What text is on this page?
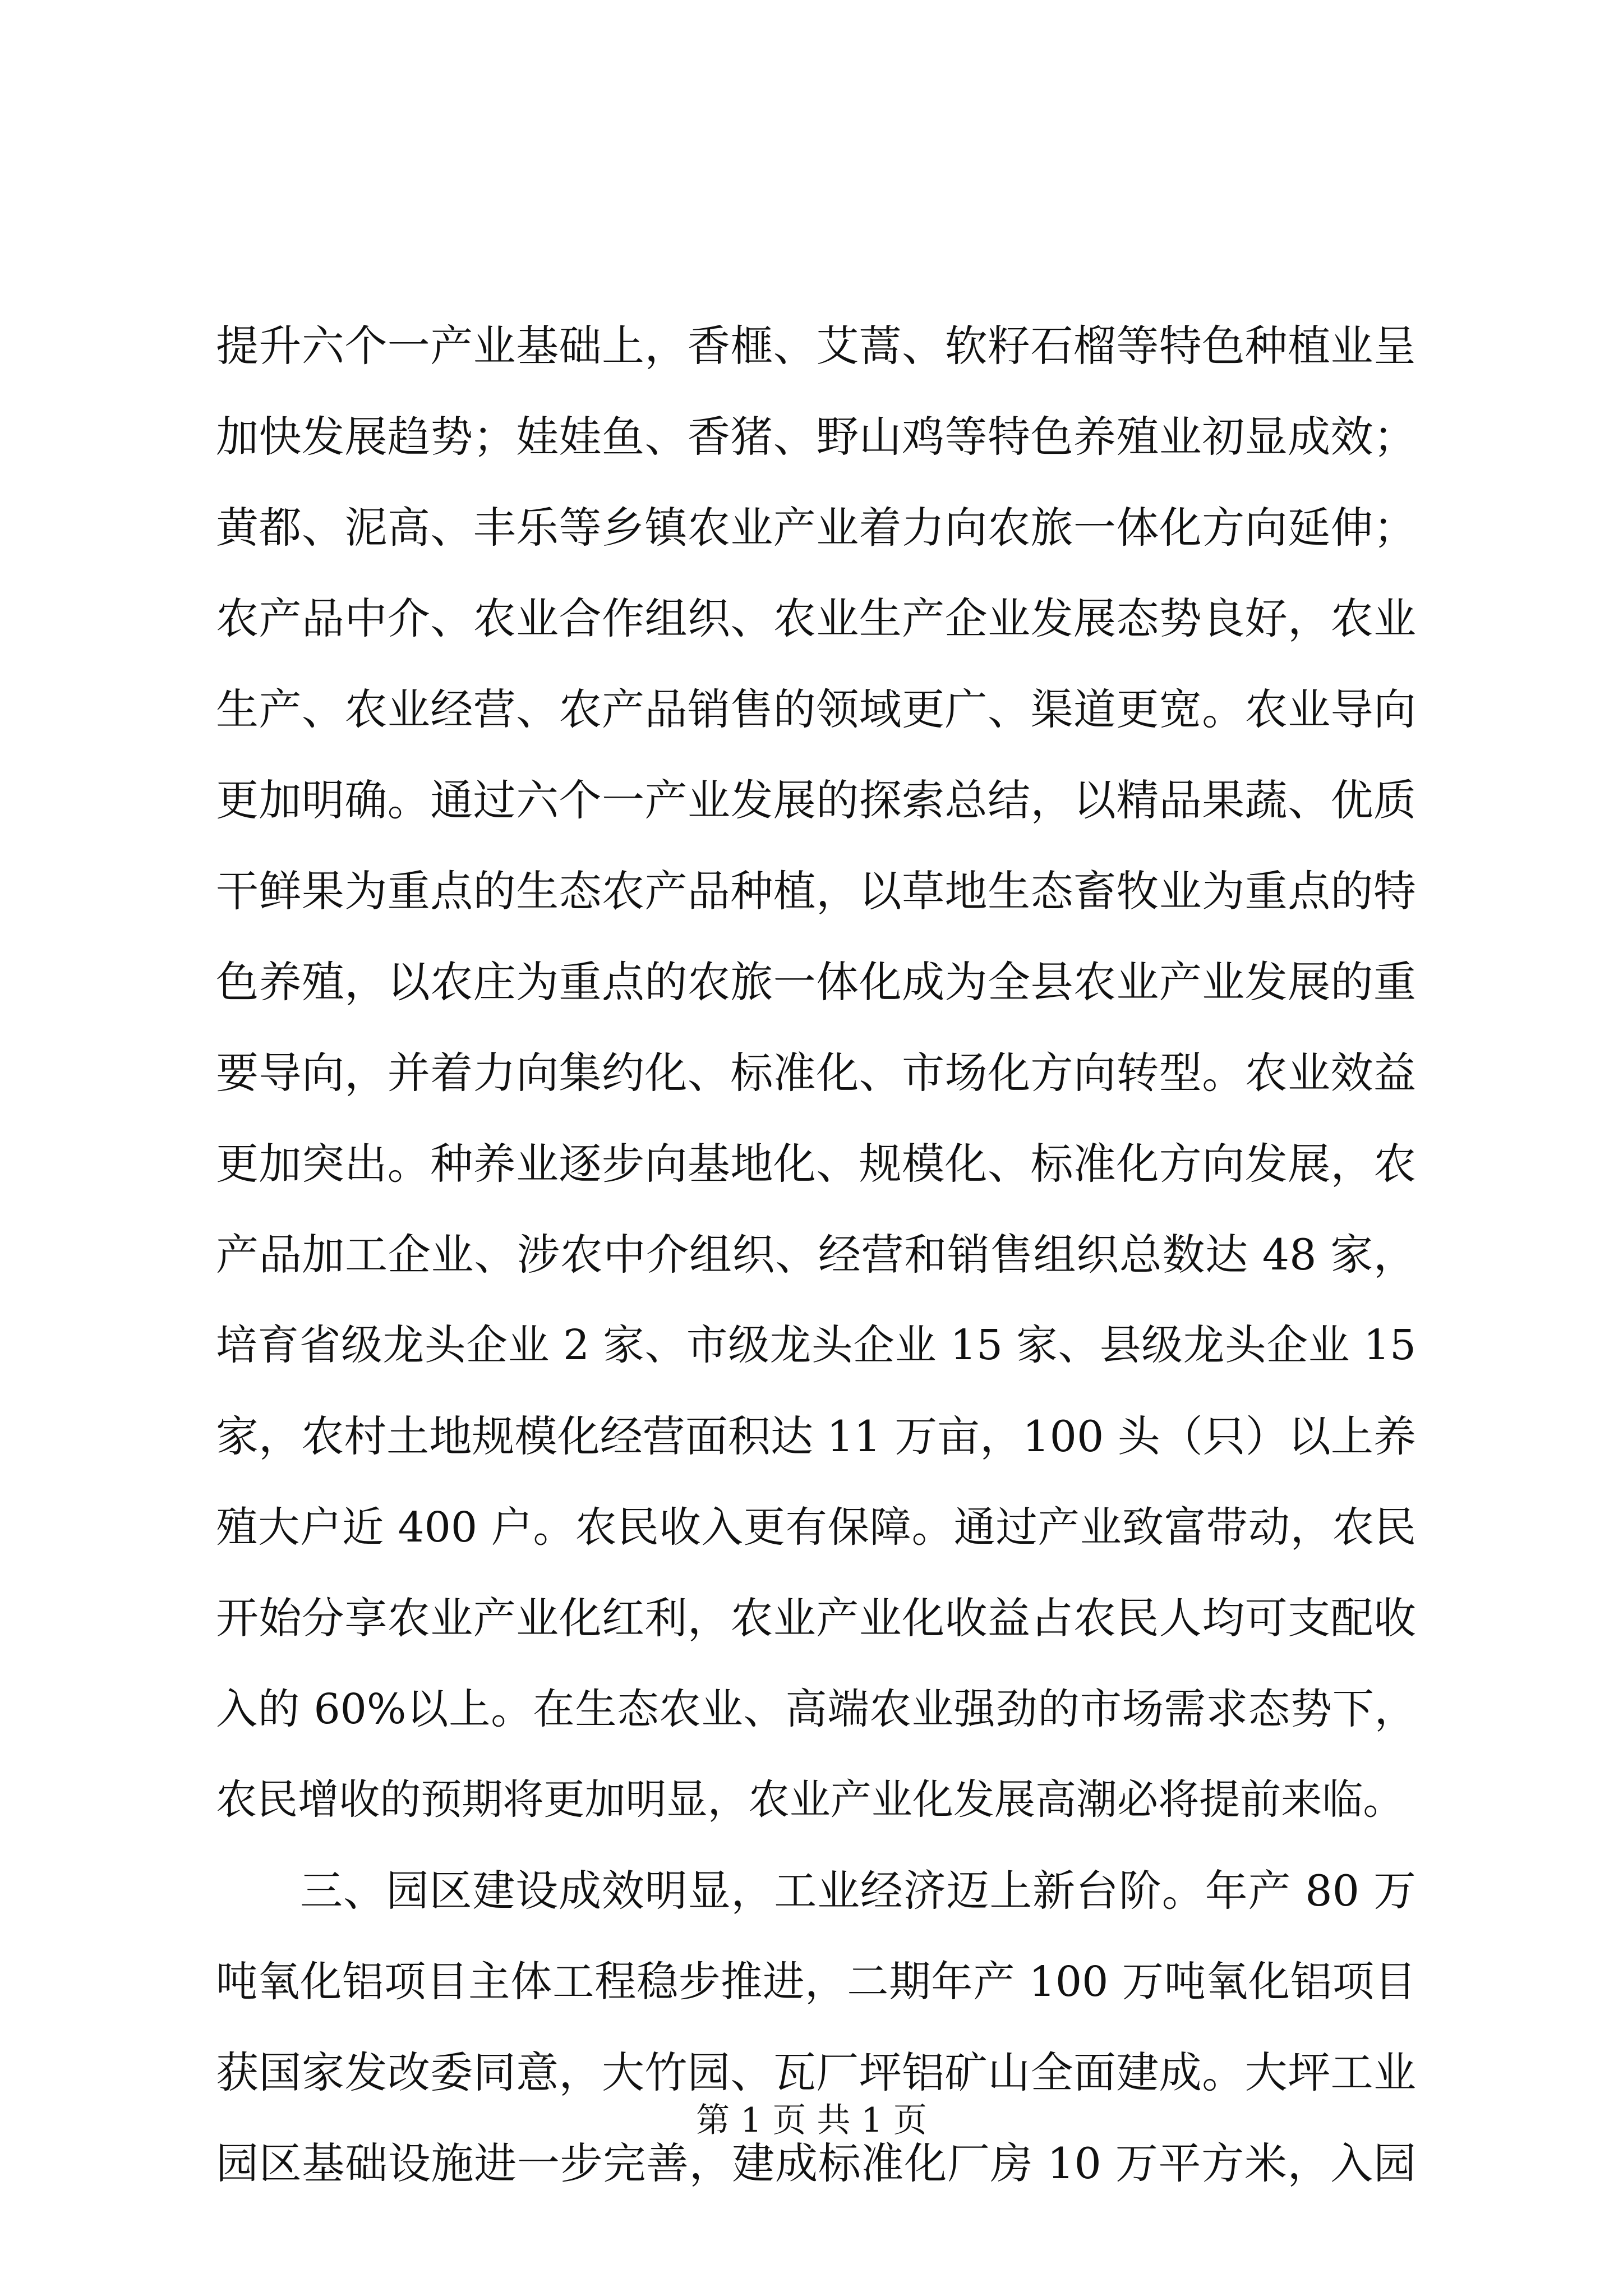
提升六个一产业基础上，香榧、艾蒿、软籽石榴等特色种植业呈
加快发展趋势；娃娃鱼、香猪、野山鸡等特色养殖业初显成效；
黄都、泥高、丰乐等乡镇农业产业着力向农旅一体化方向延伸；
农产品中介、农业合作组织、农业生产企业发展态势良好，农业
生产、农业经营、农产品销售的领域更广、渠道更宽。农业导向
更加明确。通过六个一产业发展的探索总结，以精品果蔬、优质
干鲜果为重点的生态农产品种植，以草地生态畜牧业为重点的特
色养殖，以农庄为重点的农旅一体化成为全县农业产业发展的重
要导向，并着力向集约化、标准化、市场化方向转型。农业效益
更加突出。种养业逐步向基地化、规模化、标准化方向发展，农
产品加工企业、涉农中介组织、经营和销售组织总数达 48 家，
培育省级龙头企业 2 家、市级龙头企业 15 家、县级龙头企业 15
家，农村土地规模化经营面积达 11 万亩，100 头（只）以上养
殖大户近 400 户。农民收入更有保障。通过产业致富带动，农民
开始分享农业产业化红利，农业产业化收益占农民人均可支配收
入的 60%以上。在生态农业、高端农业强劲的市场需求态势下，
农民增收的预期将更加明显，农业产业化发展高潮必将提前来临。
三、园区建设成效明显，工业经济迈上新台阶。年产 80 万
吨氧化铝项目主体工程稳步推进，二期年产 100 万吨氧化铝项目
获国家发改委同意，大竹园、瓦厂坪铝矿山全面建成。大坪工业
园区基础设施进一步完善，建成标准化厂房 10 万平方米，入园
第 1 页 共 1 页
